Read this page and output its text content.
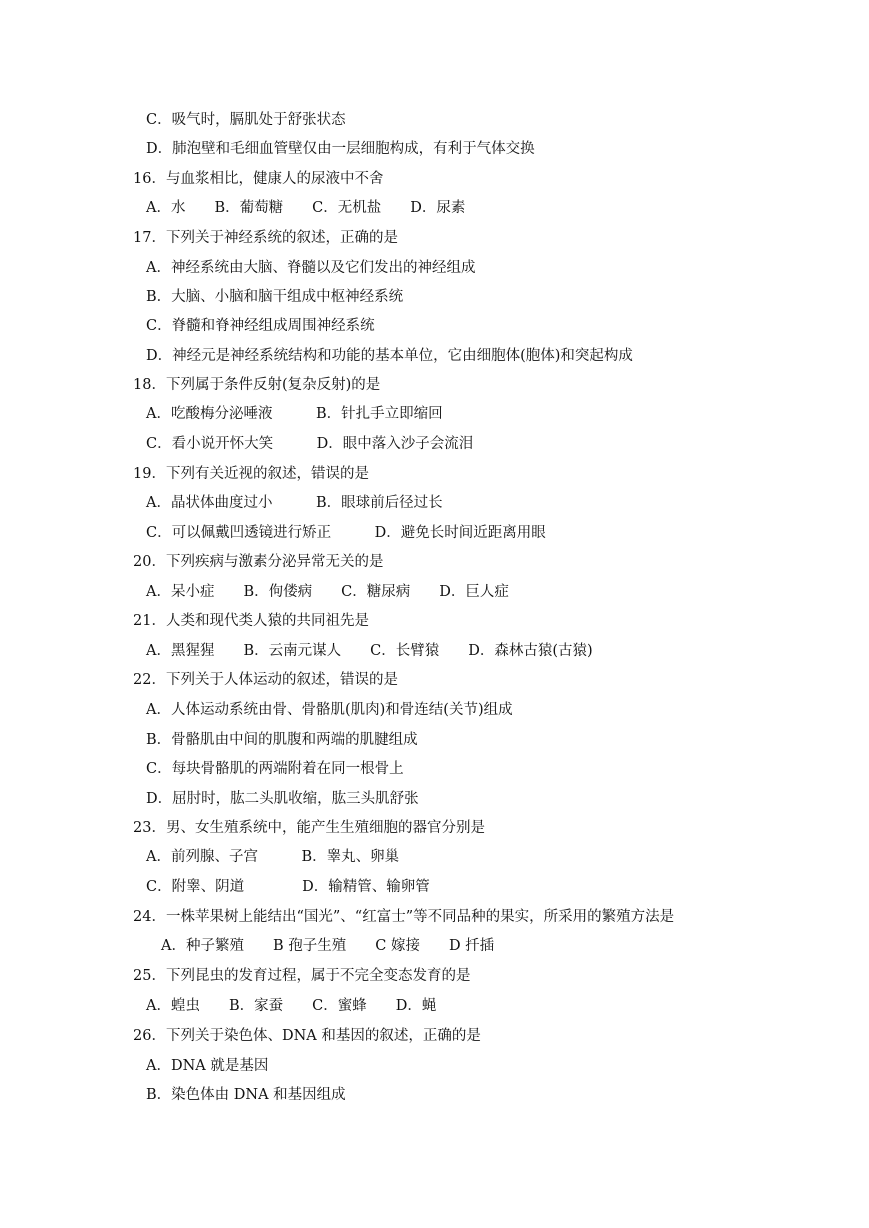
C．吸气时，膈肌处于舒张状态
D．肺泡壁和毛细血管壁仅由一层细胞构成，有利于气体交换
16．与血浆相比，健康人的尿液中不舍
A．水　　B．葡萄糖　　C．无机盐　　D．尿素
17．下列关于神经系统的叙述，正确的是
A．神经系统由大脑、脊髓以及它们发出的神经组成
B．大脑、小脑和脑干组成中枢神经系统
C．脊髓和脊神经组成周围神经系统
D．神经元是神经系统结构和功能的基本单位，它由细胞体(胞体)和突起构成
18．下列属于条件反射(复杂反射)的是
A．吃酸梅分泌唾液　　　B．针扎手立即缩回
C．看小说开怀大笑　　　D．眼中落入沙子会流泪
19．下列有关近视的叙述，错误的是
A．晶状体曲度过小　　　B．眼球前后径过长
C．可以佩戴凹透镜进行矫正　　　D．避免长时间近距离用眼
20．下列疾病与激素分泌异常无关的是
A．呆小症　　B．佝偻病　　C．糖尿病　　D．巨人症
21．人类和现代类人猿的共同祖先是
A．黑猩猩　　B．云南元谋人　　C．长臂猿　　D．森林古猿(古猿)
22．下列关于人体运动的叙述，错误的是
A．人体运动系统由骨、骨骼肌(肌肉)和骨连结(关节)组成
B．骨骼肌由中间的肌腹和两端的肌腱组成
C．每块骨骼肌的两端附着在同一根骨上
D．屈肘时，肱二头肌收缩，肱三头肌舒张
23．男、女生殖系统中，能产生生殖细胞的器官分别是
A．前列腺、子宫　　　B．睾丸、卵巢
C．附睾、阴道　　　　D．输精管、输卵管
24．一株苹果树上能结出“国光”、“红富士”等不同品种的果实，所采用的繁殖方法是
A．种子繁殖　　B 孢子生殖　　C 嫁接　　D 扦插
25．下列昆虫的发育过程，属于不完全变态发育的是
A．蝗虫　　B．家蚕　　C．蜜蜂　　D．蝇
26．下列关于染色体、DNA 和基因的叙述，正确的是
A．DNA 就是基因
B．染色体由 DNA 和基因组成
